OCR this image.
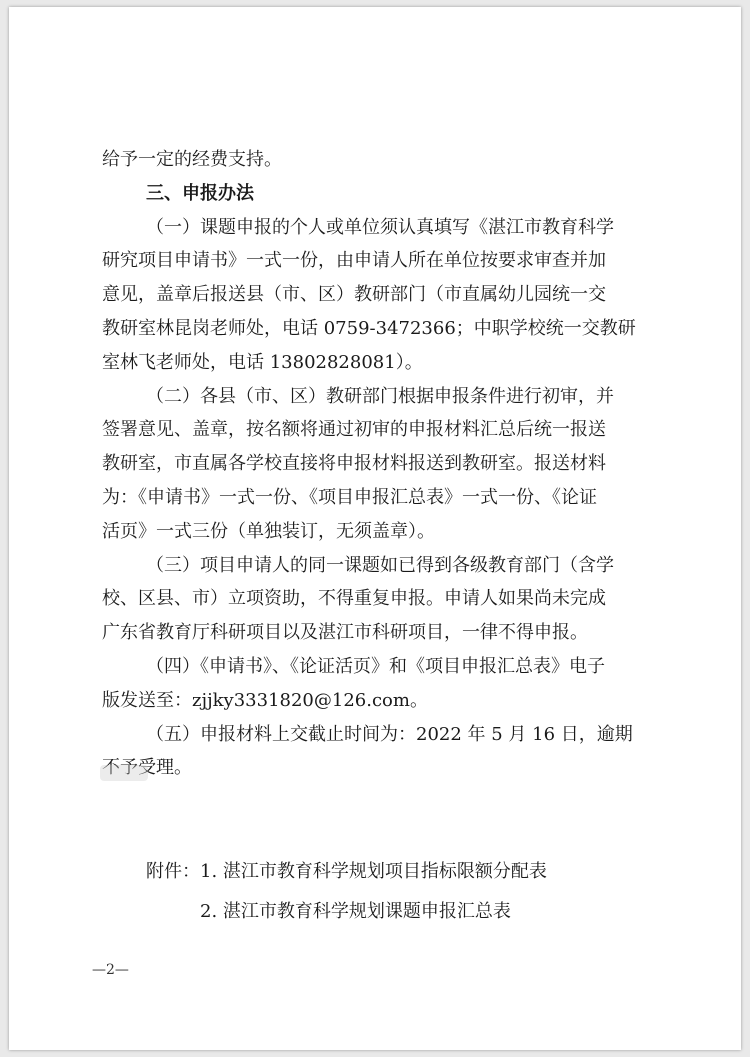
给予一定的经费支持。
三、申报办法
（一）课题申报的个人或单位须认真填写《湛江市教育科学
研究项目申请书》一式一份，由申请人所在单位按要求审查并加
意见，盖章后报送县（市、区）教研部门（市直属幼儿园统一交
教研室林昆岗老师处，电话 0759-3472366；中职学校统一交教研
室林飞老师处，电话 13802828081）。
（二）各县（市、区）教研部门根据申报条件进行初审，并
签署意见、盖章，按名额将通过初审的申报材料汇总后统一报送
教研室，市直属各学校直接将申报材料报送到教研室。报送材料
为：《申请书》一式一份、《项目申报汇总表》一式一份、《论证
活页》一式三份（单独装订，无须盖章）。
（三）项目申请人的同一课题如已得到各级教育部门（含学
校、区县、市）立项资助，不得重复申报。申请人如果尚未完成
广东省教育厅科研项目以及湛江市科研项目，一律不得申报。
（四）《申请书》、《论证活页》和《项目申报汇总表》电子
版发送至：zjjky3331820@126.com。
（五）申报材料上交截止时间为：2022 年 5 月 16 日，逾期
不予受理。
附件：1. 湛江市教育科学规划项目指标限额分配表
2. 湛江市教育科学规划课题申报汇总表
—2—
